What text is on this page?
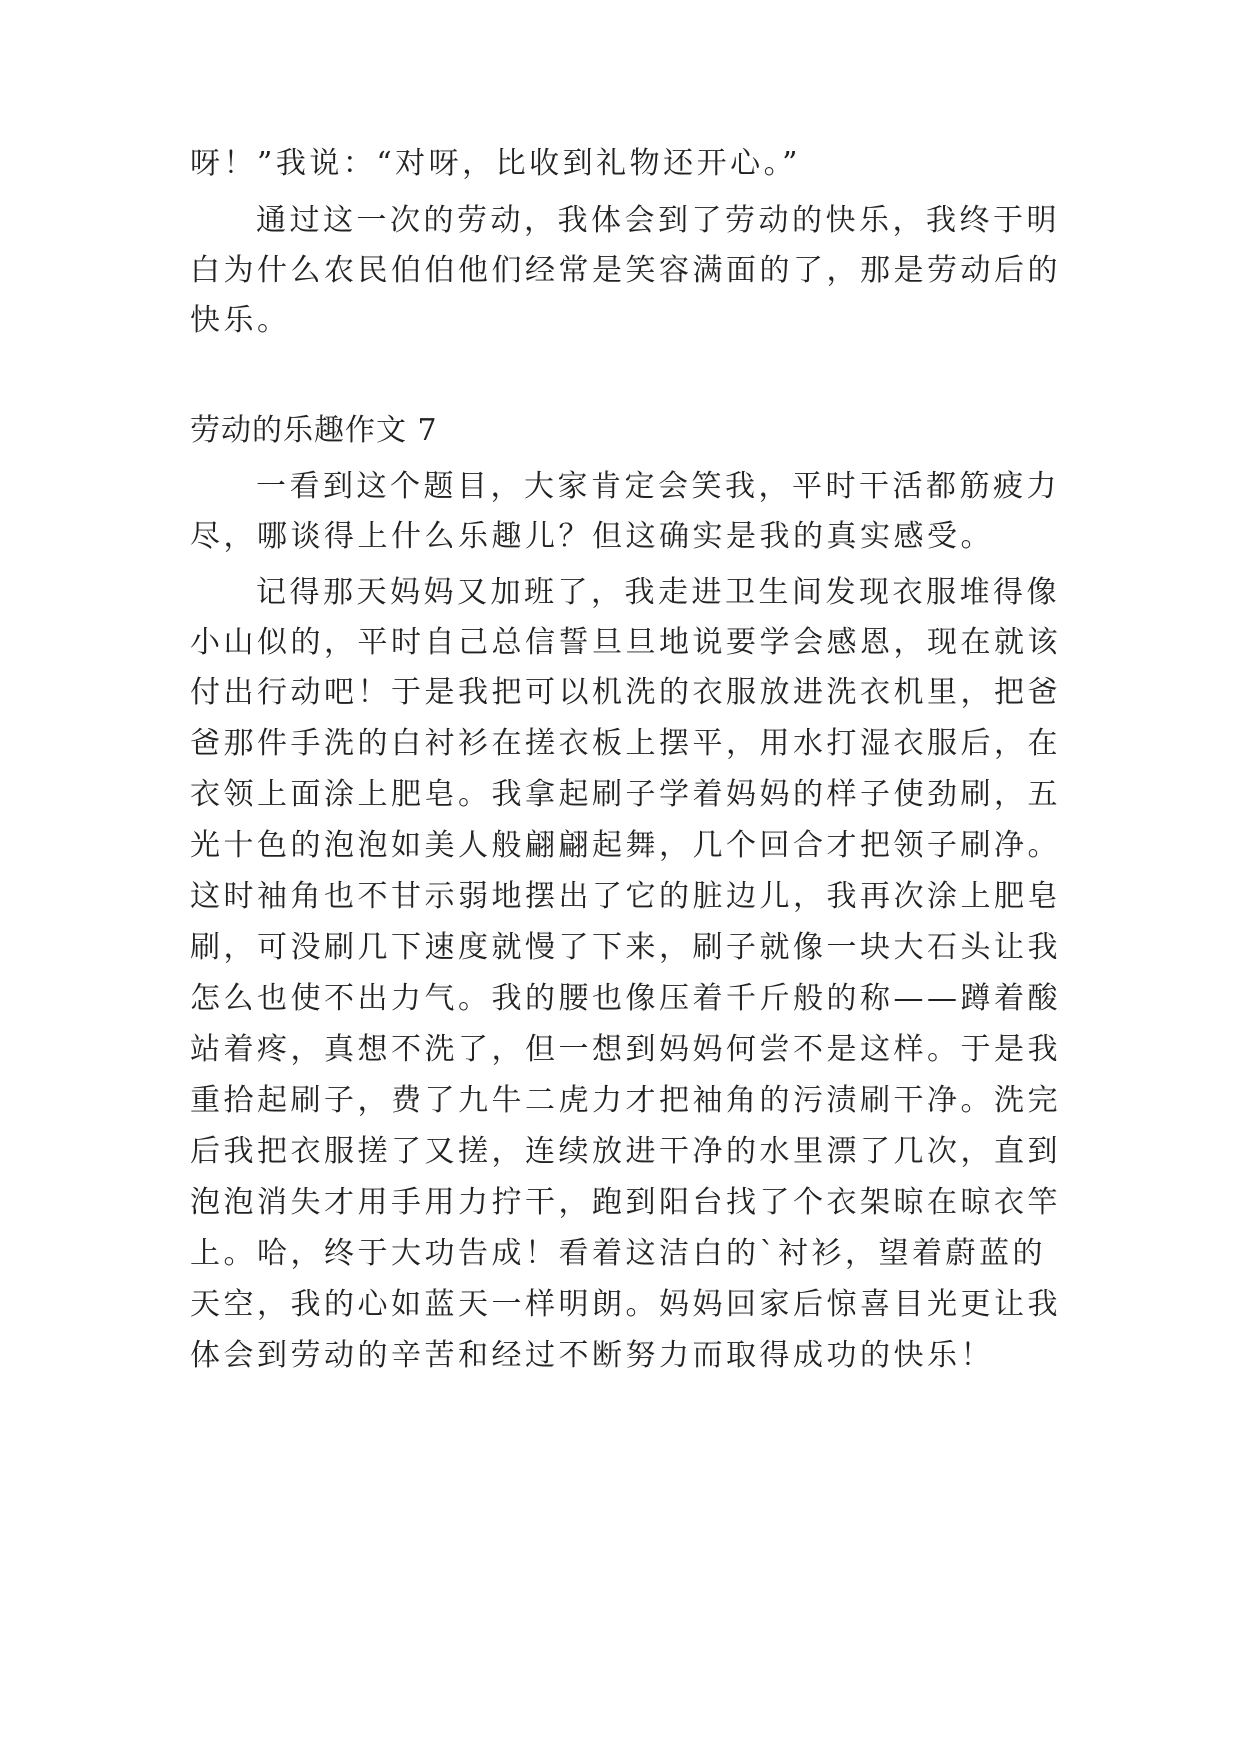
呀！”我说：“对呀，比收到礼物还开心。”
通过这一次的劳动，我体会到了劳动的快乐，我终于明
白为什么农民伯伯他们经常是笑容满面的了，那是劳动后的
快乐。
劳动的乐趣作文 7
一看到这个题目，大家肯定会笑我，平时干活都筋疲力
尽，哪谈得上什么乐趣儿？但这确实是我的真实感受。
记得那天妈妈又加班了，我走进卫生间发现衣服堆得像
小山似的，平时自己总信誓旦旦地说要学会感恩，现在就该
付出行动吧！于是我把可以机洗的衣服放进洗衣机里，把爸
爸那件手洗的白衬衫在搓衣板上摆平，用水打湿衣服后，在
衣领上面涂上肥皂。我拿起刷子学着妈妈的样子使劲刷，五
光十色的泡泡如美人般翩翩起舞，几个回合才把领子刷净。
这时袖角也不甘示弱地摆出了它的脏边儿，我再次涂上肥皂
刷，可没刷几下速度就慢了下来，刷子就像一块大石头让我
怎么也使不出力气。我的腰也像压着千斤般的称——蹲着酸
站着疼，真想不洗了，但一想到妈妈何尝不是这样。于是我
重拾起刷子，费了九牛二虎力才把袖角的污渍刷干净。洗完
后我把衣服搓了又搓，连续放进干净的水里漂了几次，直到
泡泡消失才用手用力拧干，跑到阳台找了个衣架晾在晾衣竿
上。哈，终于大功告成！看着这洁白的`衬衫，望着蔚蓝的
天空，我的心如蓝天一样明朗。妈妈回家后惊喜目光更让我
体会到劳动的辛苦和经过不断努力而取得成功的快乐！
